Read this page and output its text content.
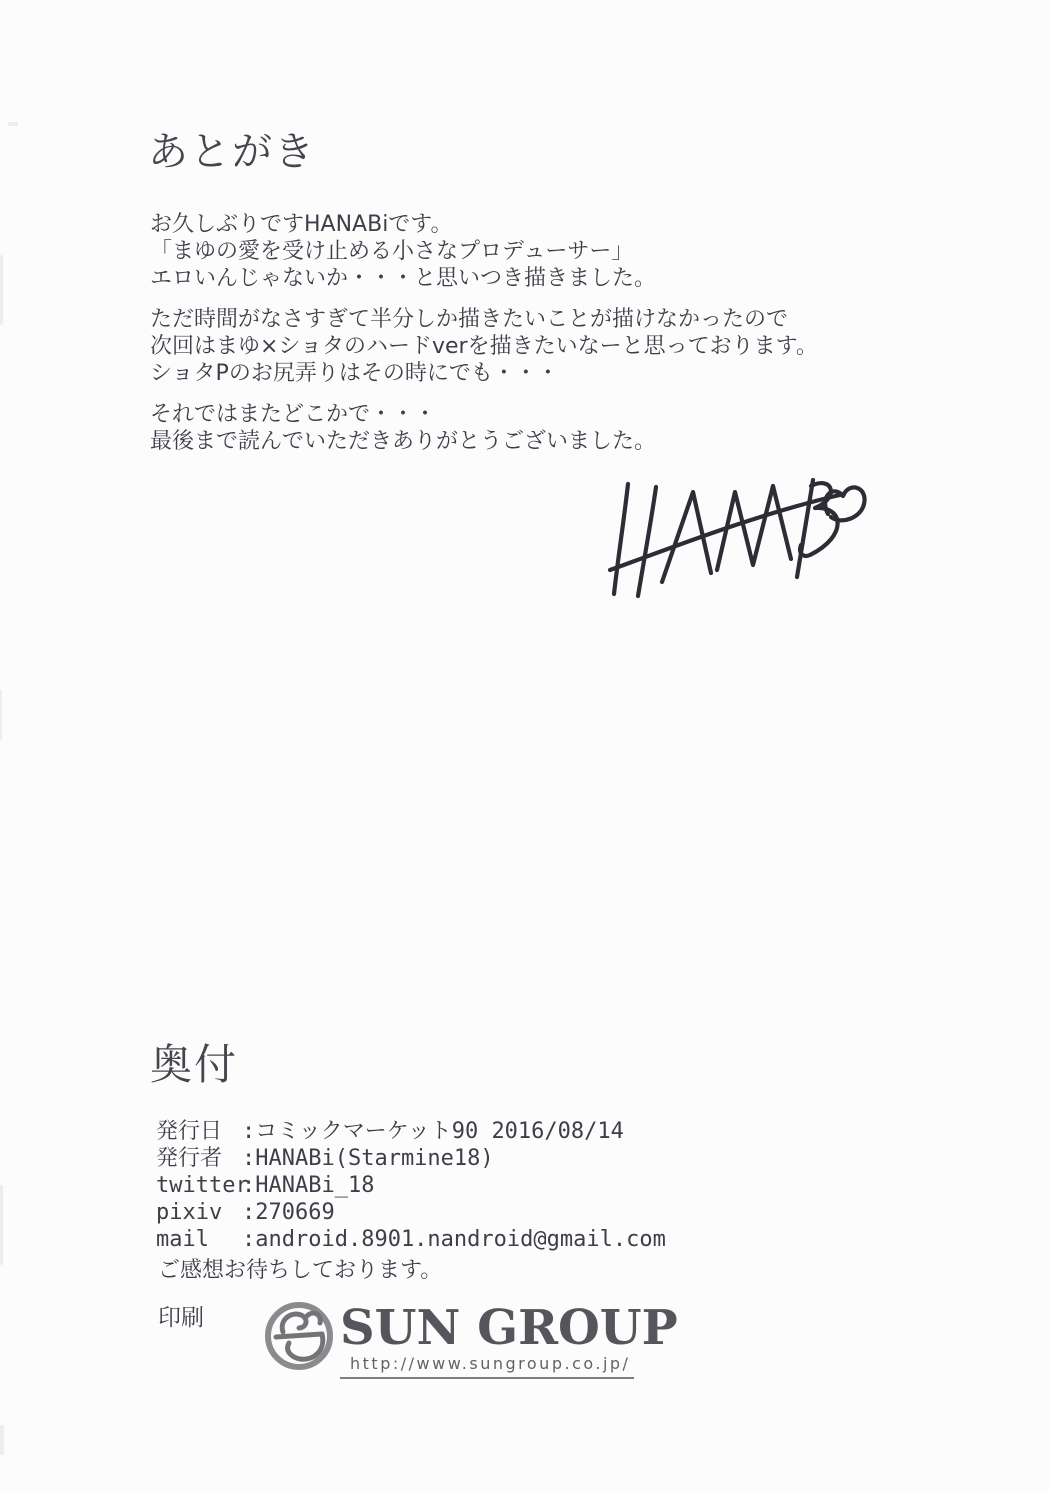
あとがき

お久しぶりですHANABiです。
「まゆの愛を受け止める小さなプロデューサー」
エロいんじゃないか・・・と思いつき描きました。

ただ時間がなさすぎて半分しか描きたいことが描けなかったので
次回はまゆ×ショタのハードverを描きたいなーと思っております。
ショタPのお尻弄りはその時にでも・・・

それではまたどこかで・・・
最後まで読んでいただきありがとうございました。

奥付
発行日 :コミックマーケット90 2016/08/14
発行者 :HANABi(Starmine18)
twitter:HANABi_18
pixiv :270669
mail :android.8901.nandroid@gmail.com
ご感想お待ちしております。
印刷	SUN GROUP
http://www.sungroup.co.jp/
